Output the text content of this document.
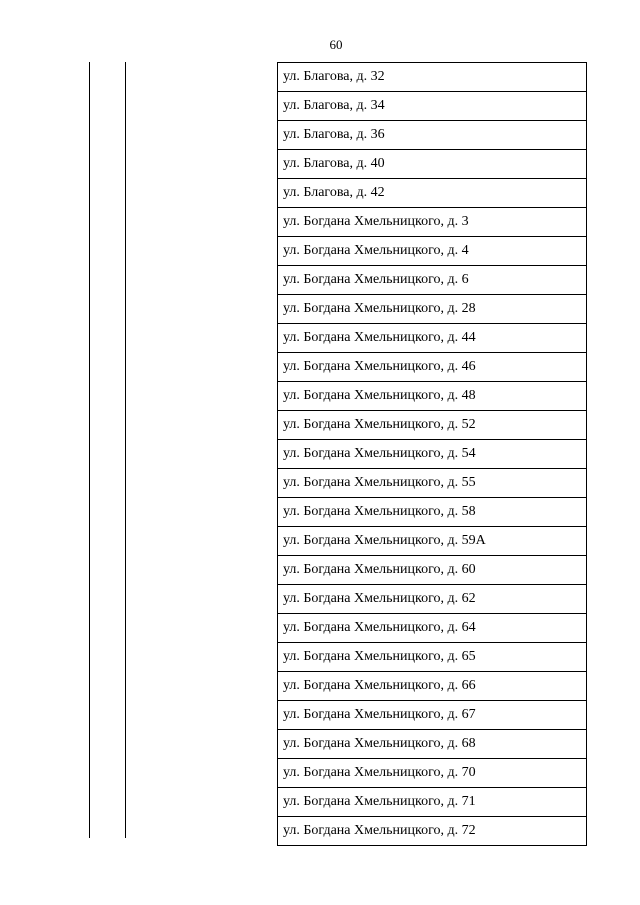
60
ул. Благова, д. 32
ул. Благова, д. 34
ул. Благова, д. 36
ул. Благова, д. 40
ул. Благова, д. 42
ул. Богдана Хмельницкого, д. 3
ул. Богдана Хмельницкого, д. 4
ул. Богдана Хмельницкого, д. 6
ул. Богдана Хмельницкого, д. 28
ул. Богдана Хмельницкого, д. 44
ул. Богдана Хмельницкого, д. 46
ул. Богдана Хмельницкого, д. 48
ул. Богдана Хмельницкого, д. 52
ул. Богдана Хмельницкого, д. 54
ул. Богдана Хмельницкого, д. 55
ул. Богдана Хмельницкого, д. 58
ул. Богдана Хмельницкого, д. 59А
ул. Богдана Хмельницкого, д. 60
ул. Богдана Хмельницкого, д. 62
ул. Богдана Хмельницкого, д. 64
ул. Богдана Хмельницкого, д. 65
ул. Богдана Хмельницкого, д. 66
ул. Богдана Хмельницкого, д. 67
ул. Богдана Хмельницкого, д. 68
ул. Богдана Хмельницкого, д. 70
ул. Богдана Хмельницкого, д. 71
ул. Богдана Хмельницкого, д. 72
